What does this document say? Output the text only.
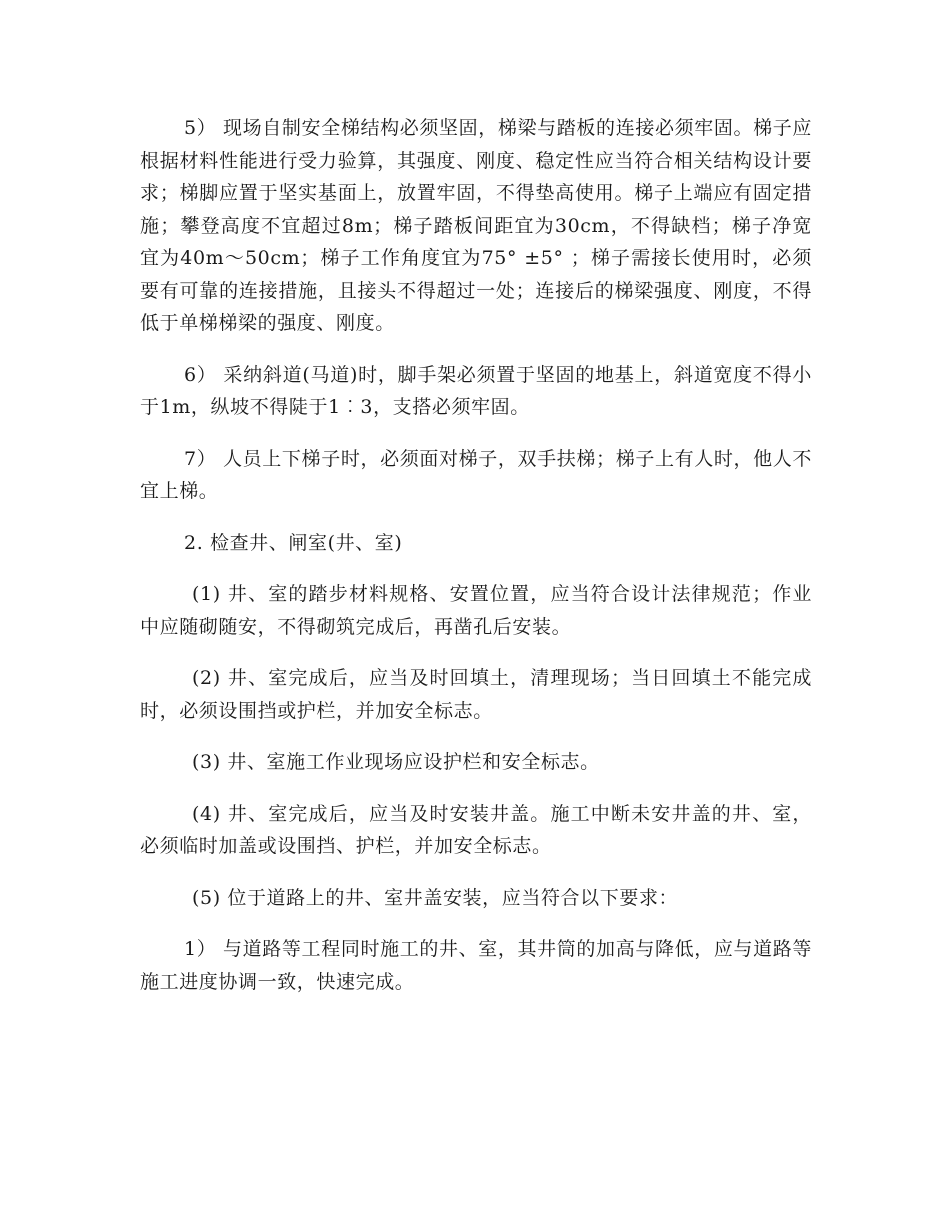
5） 现场自制安全梯结构必须坚固，梯梁与踏板的连接必须牢固。梯子应根据材料性能进行受力验算，其强度、刚度、稳定性应当符合相关结构设计要求；梯脚应置于坚实基面上，放置牢固，不得垫高使用。梯子上端应有固定措施；攀登高度不宜超过8m；梯子踏板间距宜为30cm，不得缺档；梯子净宽宜为40m～50cm；梯子工作角度宜为75° ±5° ；梯子需接长使用时，必须要有可靠的连接措施，且接头不得超过一处；连接后的梯梁强度、刚度，不得低于单梯梯梁的强度、刚度。

6） 采纳斜道(马道)时，脚手架必须置于坚固的地基上，斜道宽度不得小于1m，纵坡不得陡于1︰3，支搭必须牢固。

7） 人员上下梯子时，必须面对梯子，双手扶梯；梯子上有人时，他人不宜上梯。

2. 检查井、闸室(井、室)

(1) 井、室的踏步材料规格、安置位置，应当符合设计法律规范；作业中应随砌随安，不得砌筑完成后，再凿孔后安装。

(2) 井、室完成后，应当及时回填土，清理现场；当日回填土不能完成时，必须设围挡或护栏，并加安全标志。

(3) 井、室施工作业现场应设护栏和安全标志。

(4) 井、室完成后，应当及时安装井盖。施工中断未安井盖的井、室，必须临时加盖或设围挡、护栏，并加安全标志。

(5) 位于道路上的井、室井盖安装，应当符合以下要求：

1） 与道路等工程同时施工的井、室，其井筒的加高与降低，应与道路等施工进度协调一致，快速完成。
